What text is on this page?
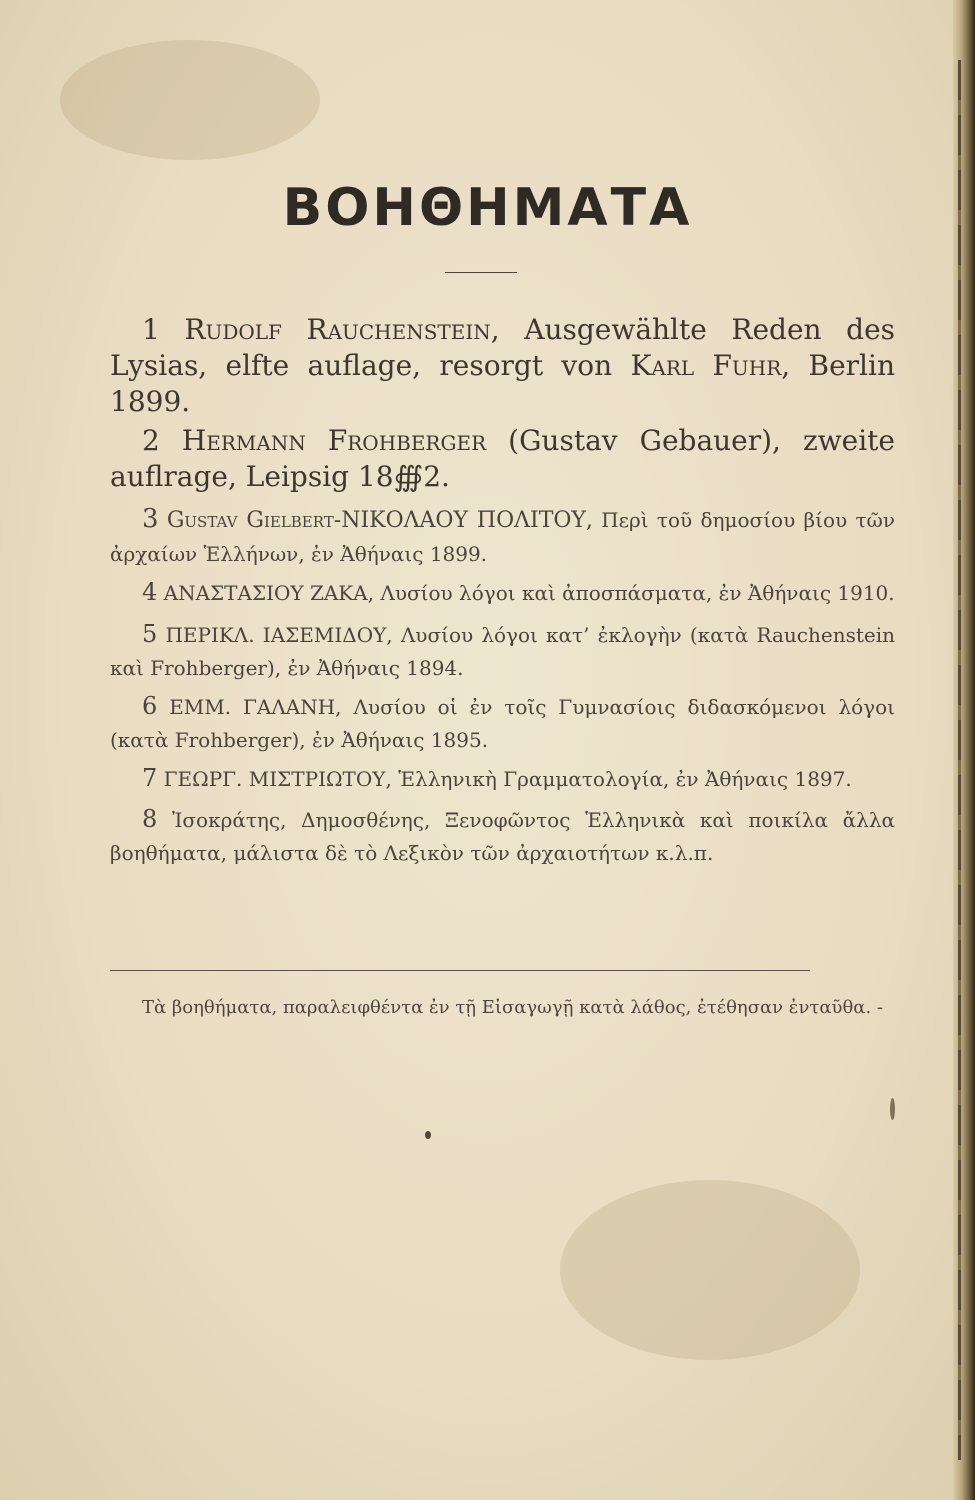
ΒΟΗΘΗΜΑΤΑ

1 Rudolf Rauchenstein, Ausgewählte Reden des Lysias, elfte auflage, resorgt von Karl Fuhr, Berlin 1899.

2 Hermann Frohberger (Gustav Gebauer), zweite auflrage, Leipsig 18∰2.

3 Gustav Gielbert-ΝΙΚΟΛΑΟΥ ΠΟΛΙΤΟΥ, Περὶ τοῦ δημοσίου βίου τῶν ἀρχαίων Ἑλλήνων, ἐν Ἀθήναις 1899.

4 ΑΝΑΣΤΑΣΙΟΥ ΖΑΚΑ, Λυσίου λόγοι καὶ ἀποσπάσματα, ἐν Ἀθήναις 1910.

5 ΠΕΡΙΚΛ. ΙΑΣΕΜΙΔΟΥ, Λυσίου λόγοι κατ’ ἐκλογὴν (κατὰ Rauchenstein καὶ Frohberger), ἐν Ἀθήναις 1894.

6 ΕΜΜ. ΓΑΛΑΝΗ, Λυσίου οἱ ἐν τοῖς Γυμνασίοις διδασκόμενοι λόγοι (κατὰ Frohberger), ἐν Ἀθήναις 1895.

7 ΓΕΩΡΓ. ΜΙΣΤΡΙΩΤΟΥ, Ἑλληνικὴ Γραμματολογία, ἐν Ἀθήναις 1897.

8 Ἰσοκράτης, Δημοσθένης, Ξενοφῶντος Ἑλληνικὰ καὶ ποικίλα ἄλλα βοηθήματα, μάλιστα δὲ τὸ Λεξικὸν τῶν ἀρχαιοτήτων κ.λ.π.

Τὰ βοηθήματα, παραλειφθέντα ἐν τῇ Εἰσαγωγῇ κατὰ λάθος, ἐτέθησαν ἐνταῦθα. -
